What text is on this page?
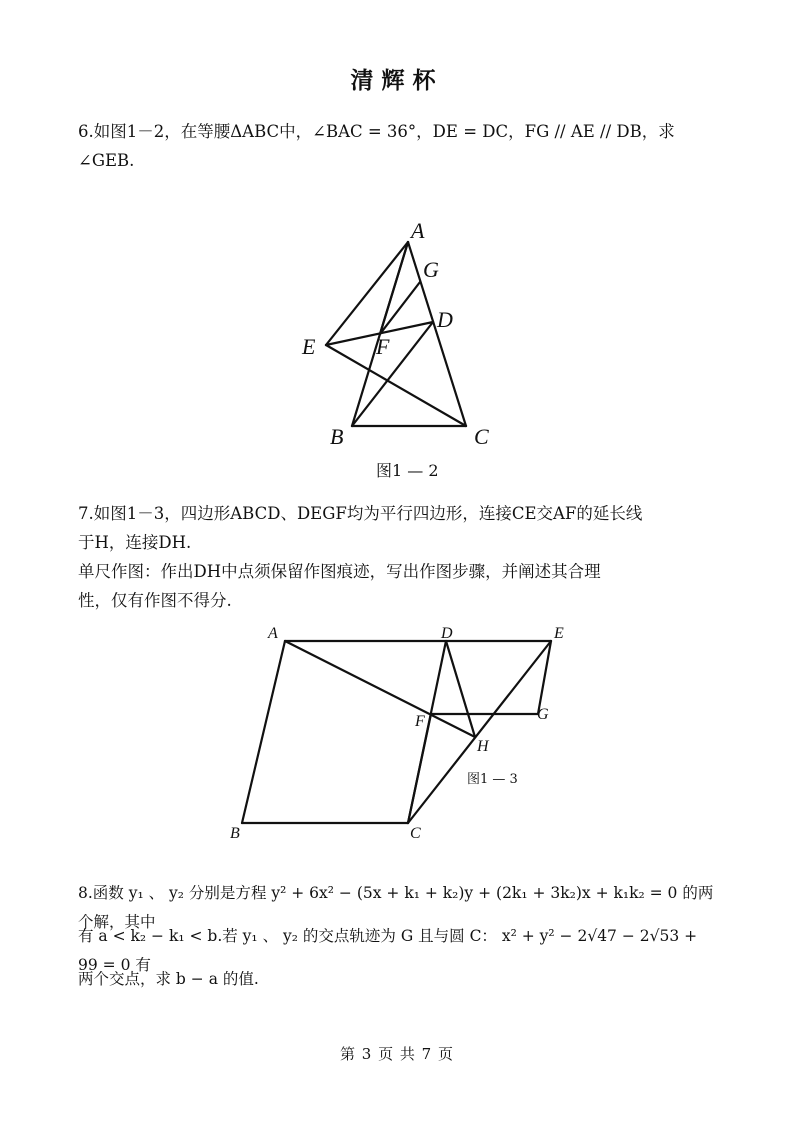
清辉杯

6.如图1－2，在等腰ΔABC中，∠BAC = 36°，DE = DC，FG // AE // DB，求

∠GEB.

A
G
D
E	F
B	C
图1 — 2

7.如图1－3，四边形ABCD、DEGF均为平行四边形，连接CE交AF的延长线

于H，连接DH.

单尺作图：作出DH中点须保留作图痕迹，写出作图步骤，并阐述其合理

性，仅有作图不得分.

A	D	E
F	G
H
B	C
图1 — 3

8.函数 y₁ 、 y₂ 分别是方程 y² + 6x² − (5x + k₁ + k₂)y + (2k₁ + 3k₂)x + k₁k₂ = 0 的两个解，其中

有 a < k₂ − k₁ < b.若 y₁ 、 y₂ 的交点轨迹为 G 且与圆 C： x² + y² − 2√47 − 2√53 + 99 = 0 有

两个交点，求 b − a 的值.

第 3 页 共 7 页
